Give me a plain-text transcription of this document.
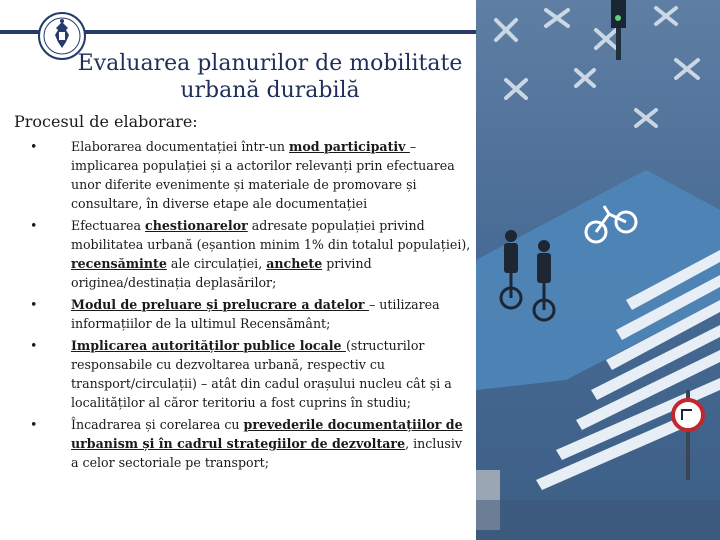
Evaluarea planurilor de mobilitate
urbană durabilă
Procesul de elaborare:
•	Elaborarea documentației într-un mod participativ – implicarea populației și a actorilor relevanți prin efectuarea unor diferite evenimente și materiale de promovare și consultare, în diverse etape ale documentației
•	Efectuarea chestionarelor adresate populației privind mobilitatea urbană (eșantion minim 1% din totalul populației), recensăminte ale circulației, anchete privind originea/destinația deplasărilor;
•	Modul de preluare și prelucrare a datelor – utilizarea informațiilor de la ultimul Recensământ;
•	Implicarea autorităților publice locale (structurilor responsabile cu dezvoltarea urbană, respectiv cu transport/circulații) – atât din cadul orașului nucleu cât și a localităților al căror teritoriu a fost cuprins în studiu;
•	Încadrarea și corelarea cu prevederile documentațiilor de urbanism și în cadrul strategiilor de dezvoltare, inclusiv a celor sectoriale pe transport;
